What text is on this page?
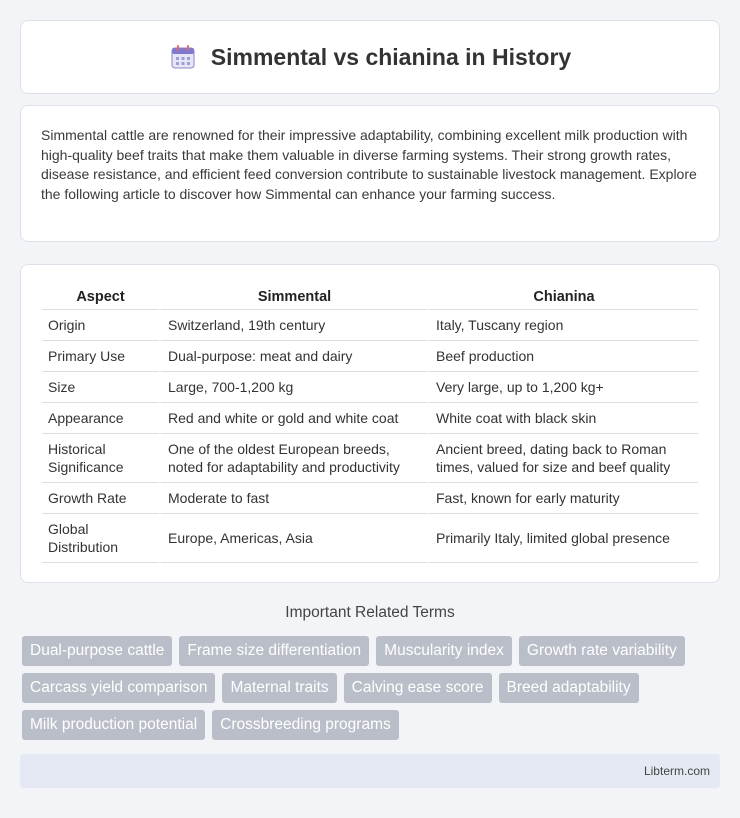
Simmental vs chianina in History

Simmental cattle are renowned for their impressive adaptability, combining excellent milk production with high-quality beef traits that make them valuable in diverse farming systems. Their strong growth rates, disease resistance, and efficient feed conversion contribute to sustainable livestock management. Explore the following article to discover how Simmental can enhance your farming success.

Aspect	Simmental	Chianina
Origin	Switzerland, 19th century	Italy, Tuscany region
Primary Use	Dual-purpose: meat and dairy	Beef production
Size	Large, 700-1,200 kg	Very large, up to 1,200 kg+
Appearance	Red and white or gold and white coat	White coat with black skin
Historical Significance	One of the oldest European breeds, noted for adaptability and productivity	Ancient breed, dating back to Roman times, valued for size and beef quality
Growth Rate	Moderate to fast	Fast, known for early maturity
Global Distribution	Europe, Americas, Asia	Primarily Italy, limited global presence
Important Related Terms
Dual-purpose cattle	Frame size differentiation	Muscularity index	Growth rate variability
Carcass yield comparison	Maternal traits	Calving ease score	Breed adaptability
Milk production potential	Crossbreeding programs
Libterm.com
